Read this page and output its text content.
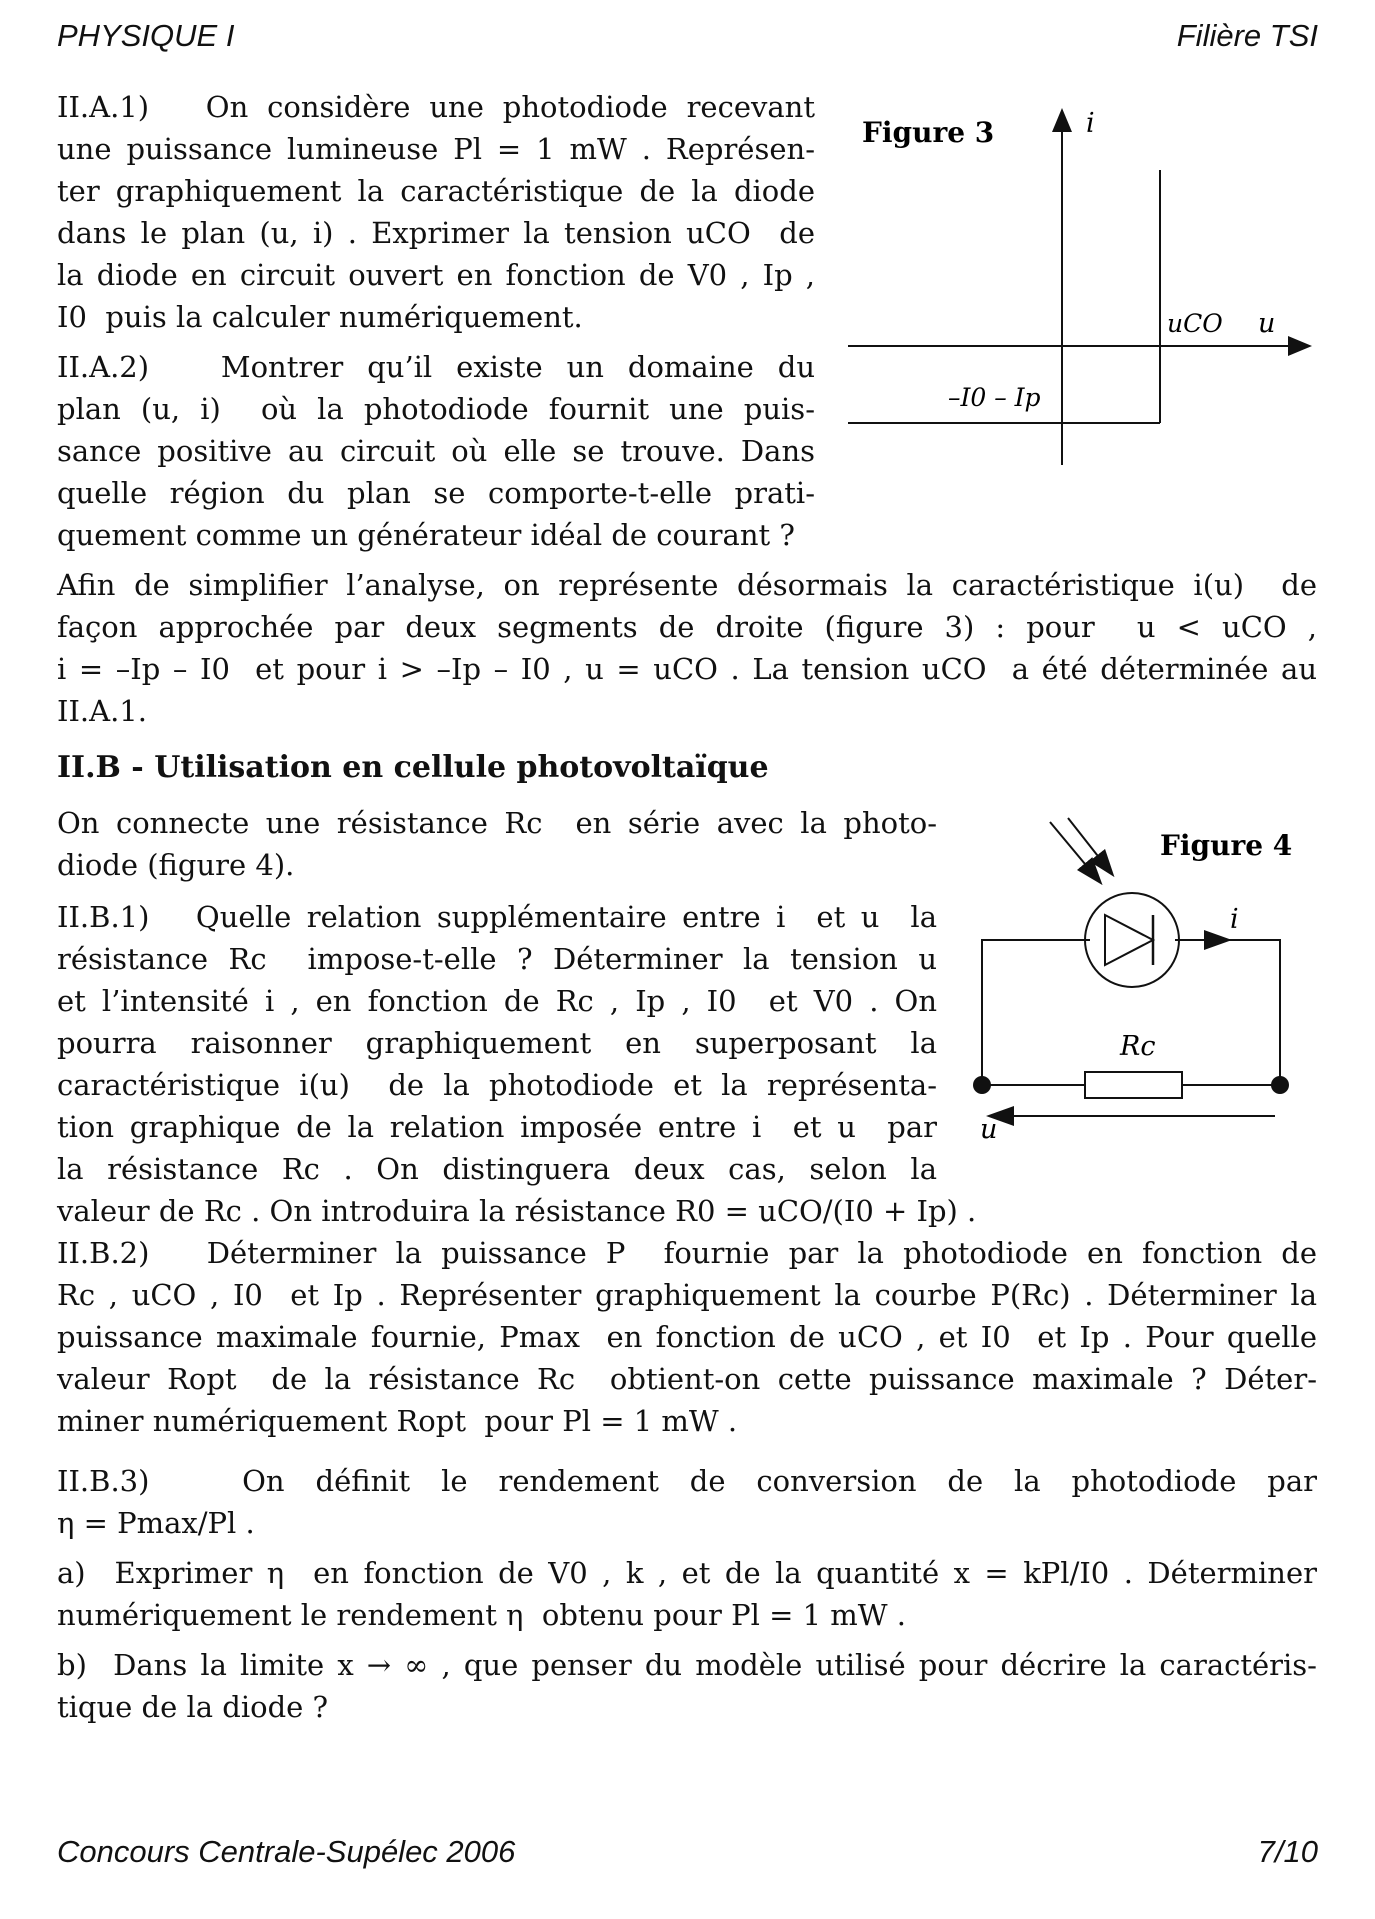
PHYSIQUE I	Filière TSI
II.A.1)   On considère une photodiode recevant
une puissance lumineuse Pl = 1 mW . Représen-
ter graphiquement la caractéristique de la diode
dans le plan (u, i) . Exprimer la tension uCO  de
la diode en circuit ouvert en fonction de V0 , Ip ,
I0  puis la calculer numériquement.
II.A.2)   Montrer qu’il existe un domaine du
plan (u, i)  où la photodiode fournit une puis-
sance positive au circuit où elle se trouve. Dans
quelle région du plan se comporte-t-elle prati-
quement comme un générateur idéal de courant ?
Figure 3	i
u
uCO
–I0 – Ip
Afin de simplifier l’analyse, on représente désormais la caractéristique i(u)  de
façon approchée par deux segments de droite (figure 3) : pour  u < uCO ,
i = –Ip – I0  et pour i > –Ip – I0 , u = uCO . La tension uCO  a été déterminée au
II.A.1.
II.B - Utilisation en cellule photovoltaïque
On connecte une résistance Rc  en série avec la photo-
diode (figure 4).
II.B.1)   Quelle relation supplémentaire entre i  et u  la
résistance Rc  impose-t-elle ? Déterminer la tension u
et l’intensité i , en fonction de Rc , Ip , I0  et V0 . On
pourra raisonner graphiquement en superposant la
caractéristique i(u)  de la photodiode et la représenta-
tion graphique de la relation imposée entre i  et u  par
la résistance Rc . On distinguera deux cas, selon la
valeur de Rc . On introduira la résistance R0 = uCO/(I0 + Ip) .
Figure 4
i
Rc
u
II.B.2)   Déterminer la puissance P  fournie par la photodiode en fonction de
Rc , uCO , I0  et Ip . Représenter graphiquement la courbe P(Rc) . Déterminer la
puissance maximale fournie, Pmax  en fonction de uCO , et I0  et Ip . Pour quelle
valeur Ropt  de la résistance Rc  obtient-on cette puissance maximale ? Déter-
miner numériquement Ropt  pour Pl = 1 mW .
II.B.3)   On définit le rendement de conversion de la photodiode par
η = Pmax/Pl .
a)  Exprimer η  en fonction de V0 , k , et de la quantité x = kPl/I0 . Déterminer
numériquement le rendement η  obtenu pour Pl = 1 mW .
b)  Dans la limite x → ∞ , que penser du modèle utilisé pour décrire la caractéris-
tique de la diode ?
Concours Centrale-Supélec 2006	7/10
